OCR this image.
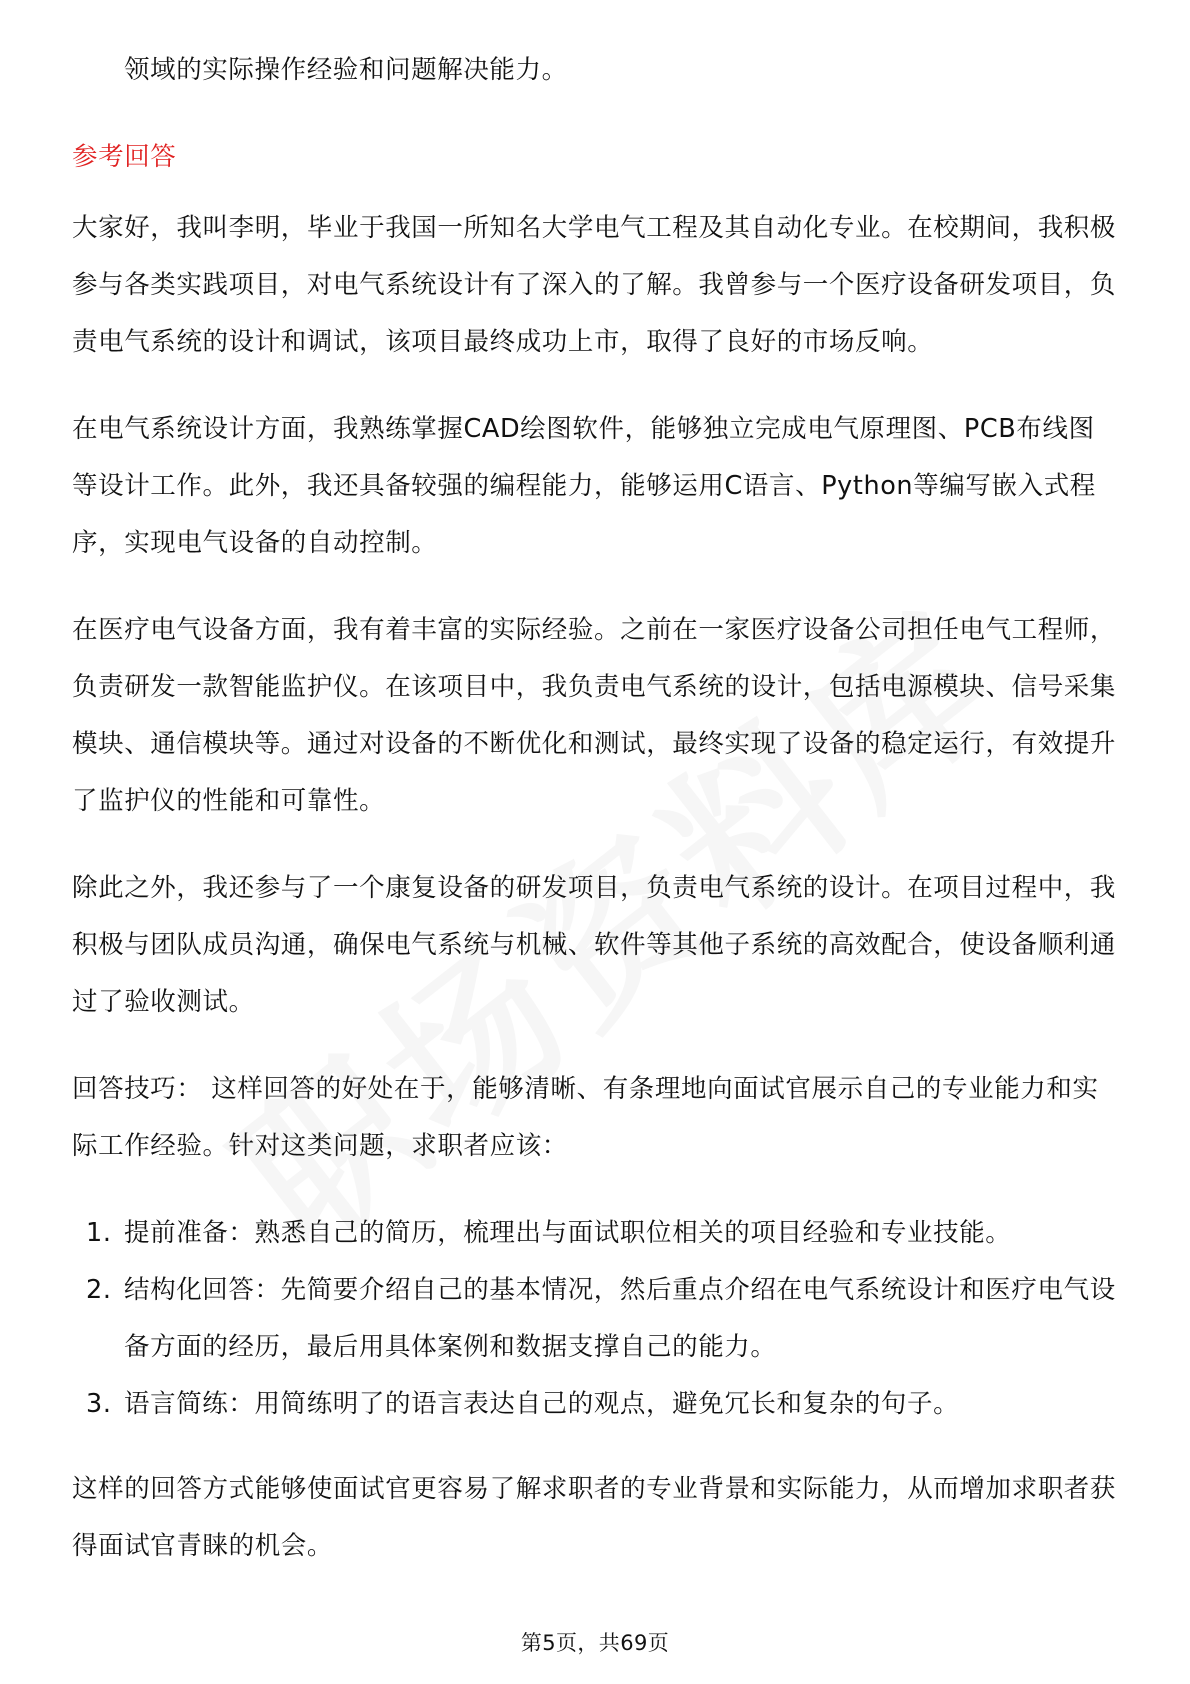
领域的实际操作经验和问题解决能力。

参考回答

大家好，我叫李明，毕业于我国一所知名大学电气工程及其自动化专业。在校期间，我积极参与各类实践项目，对电气系统设计有了深入的了解。我曾参与一个医疗设备研发项目，负责电气系统的设计和调试，该项目最终成功上市，取得了良好的市场反响。

在电气系统设计方面，我熟练掌握CAD绘图软件，能够独立完成电气原理图、PCB布线图等设计工作。此外，我还具备较强的编程能力，能够运用C语言、Python等编写嵌入式程序，实现电气设备的自动控制。

在医疗电气设备方面，我有着丰富的实际经验。之前在一家医疗设备公司担任电气工程师，负责研发一款智能监护仪。在该项目中，我负责电气系统的设计，包括电源模块、信号采集模块、通信模块等。通过对设备的不断优化和测试，最终实现了设备的稳定运行，有效提升了监护仪的性能和可靠性。

除此之外，我还参与了一个康复设备的研发项目，负责电气系统的设计。在项目过程中，我积极与团队成员沟通，确保电气系统与机械、软件等其他子系统的高效配合，使设备顺利通过了验收测试。

回答技巧： 这样回答的好处在于，能够清晰、有条理地向面试官展示自己的专业能力和实际工作经验。针对这类问题，求职者应该：

1. 提前准备：熟悉自己的简历，梳理出与面试职位相关的项目经验和专业技能。
2. 结构化回答：先简要介绍自己的基本情况，然后重点介绍在电气系统设计和医疗电气设备方面的经历，最后用具体案例和数据支撑自己的能力。
3. 语言简练：用简练明了的语言表达自己的观点，避免冗长和复杂的句子。

这样的回答方式能够使面试官更容易了解求职者的专业背景和实际能力，从而增加求职者获得面试官青睐的机会。

第5页，共69页
